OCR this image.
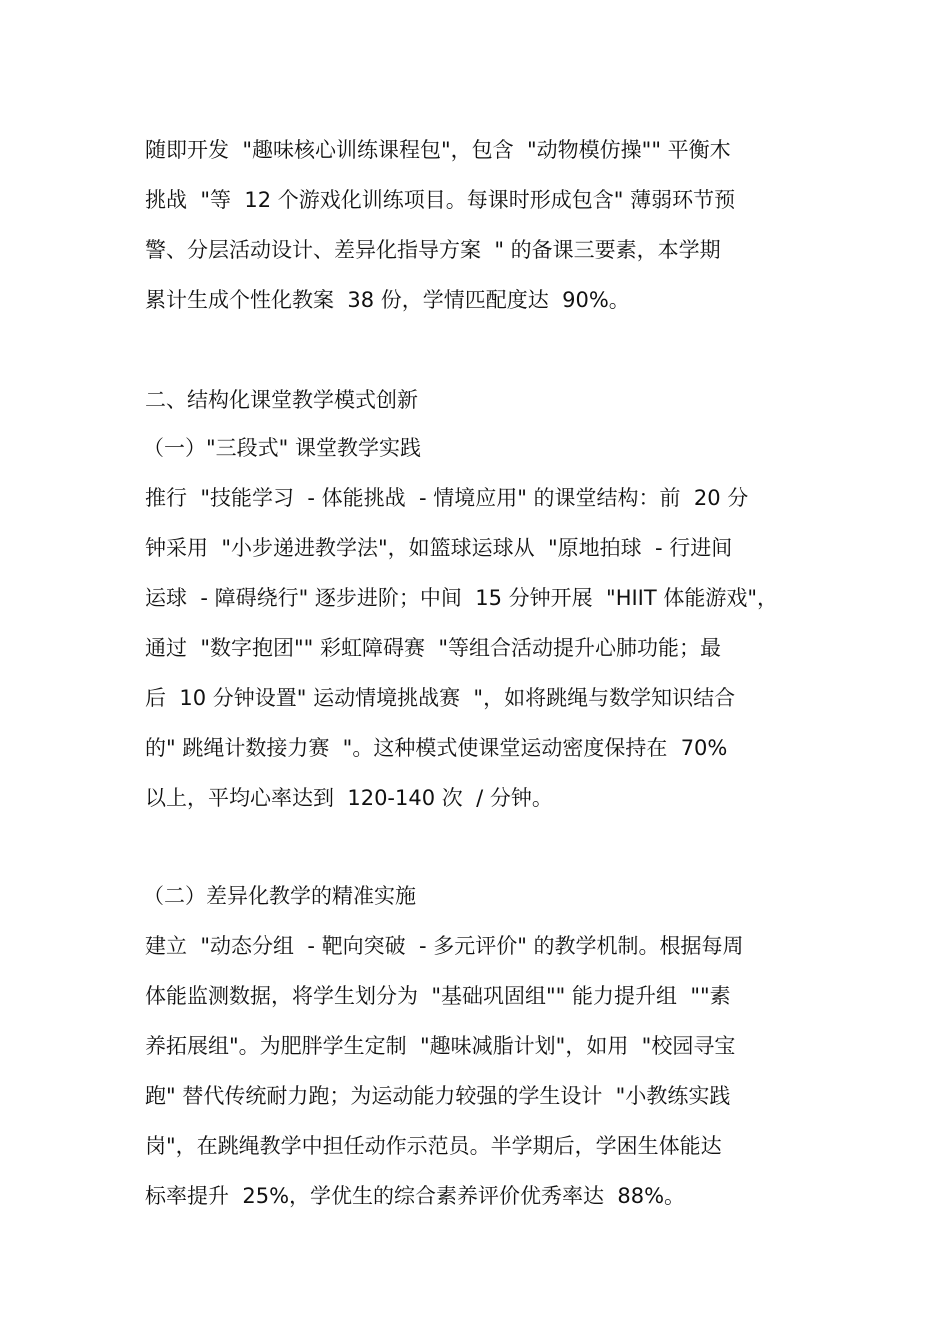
随即开发  "趣味核心训练课程包"，包含  "动物模仿操"" 平衡木
挑战  "等  12 个游戏化训练项目。每课时形成包含" 薄弱环节预
警、分层活动设计、差异化指导方案  " 的备课三要素，本学期
累计生成个性化教案  38 份，学情匹配度达  90%。
二、结构化课堂教学模式创新
（一）"三段式" 课堂教学实践
推行  "技能学习  - 体能挑战  - 情境应用" 的课堂结构：前  20 分
钟采用  "小步递进教学法"，如篮球运球从  "原地拍球  - 行进间
运球  - 障碍绕行" 逐步进阶；中间  15 分钟开展  "HIIT 体能游戏"，
通过  "数字抱团"" 彩虹障碍赛  "等组合活动提升心肺功能；最
后  10 分钟设置" 运动情境挑战赛  "，如将跳绳与数学知识结合
的" 跳绳计数接力赛  "。这种模式使课堂运动密度保持在  70%
以上，平均心率达到  120-140 次  / 分钟。
（二）差异化教学的精准实施
建立  "动态分组  - 靶向突破  - 多元评价" 的教学机制。根据每周
体能监测数据，将学生划分为  "基础巩固组"" 能力提升组  ""素
养拓展组"。为肥胖学生定制  "趣味减脂计划"，如用  "校园寻宝
跑" 替代传统耐力跑；为运动能力较强的学生设计  "小教练实践
岗"，在跳绳教学中担任动作示范员。半学期后，学困生体能达
标率提升  25%，学优生的综合素养评价优秀率达  88%。
